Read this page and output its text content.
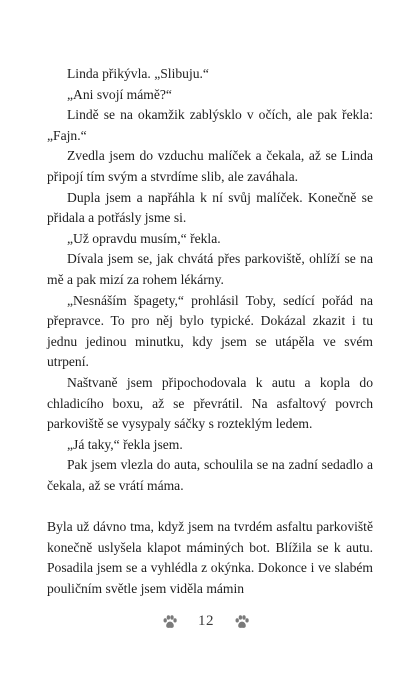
Linda přikývla. „Slibuju.“

„Ani svojí mámě?“

Lindě se na okamžik zablýsklo v očích, ale pak řekla: „Fajn.“

Zvedla jsem do vzduchu malíček a čekala, až se Linda připojí tím svým a stvrdíme slib, ale zaváhala.

Dupla jsem a napřáhla k ní svůj malíček. Konečně se přidala a potřásly jsme si.

„Už opravdu musím,“ řekla.

Dívala jsem se, jak chvátá přes parkoviště, ohlíží se na mě a pak mizí za rohem lékárny.

„Nesnáším špagety,“ prohlásil Toby, sedící pořád na přepravce. To pro něj bylo typické. Dokázal zkazit i tu jednu jedinou minutku, kdy jsem se utápěla ve svém utrpení.

Naštvaně jsem připochodovala k autu a kopla do chladicího boxu, až se převrátil. Na asfaltový povrch parkoviště se vysypaly sáčky s rozteklým ledem.

„Já taky,“ řekla jsem.

Pak jsem vlezla do auta, schoulila se na zadní sedadlo a čekala, až se vrátí máma.

Byla už dávno tma, když jsem na tvrdém asfaltu parkoviště konečně uslyšela klapot máminých bot. Blížila se k autu. Posadila jsem se a vyhlédla z okýnka. Dokonce i ve slabém pouličním světle jsem viděla mámin

12
